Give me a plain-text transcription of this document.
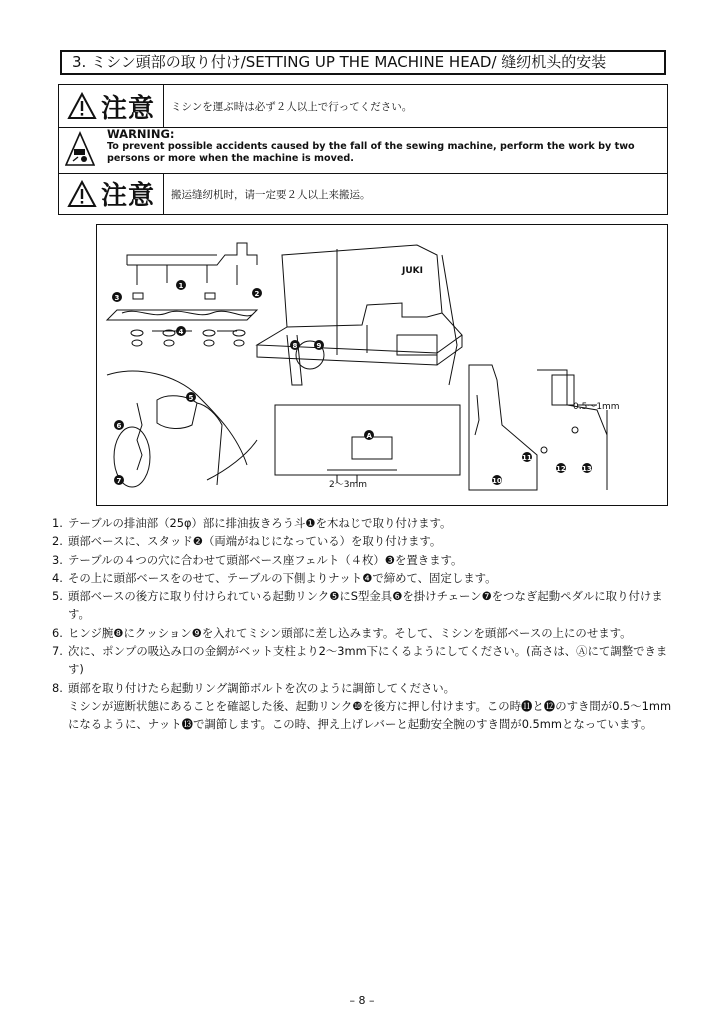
3. ミシン頭部の取り付け/SETTING UP THE MACHINE HEAD/ 缝纫机头的安装
注意 ミシンを運ぶ時は必ず２人以上で行ってください。
WARNING:
To prevent possible accidents caused by the fall of the sewing machine, perform the work by two persons or more when the machine is moved.
注意 搬运缝纫机时，请一定要２人以上来搬运。
1
2
3
4
5
6
7
8	9
A
10
11
12 13
JUKI
2～3mm
0.5～1mm
1. テーブルの排油部（25φ）部に排油抜きろう斗❶を木ねじで取り付けます。
2. 頭部ベースに、スタッド❷（両端がねじになっている）を取り付けます。
3. テーブルの４つの穴に合わせて頭部ベース座フェルト（４枚）❸を置きます。
4. その上に頭部ベースをのせて、テーブルの下側よりナット❹で締めて、固定します。
5. 頭部ベースの後方に取り付けられている起動リンク❺にS型金具❻を掛けチェーン❼をつなぎ起動ペダルに取り付けます。
6. ヒンジ腕❽にクッション❾を入れてミシン頭部に差し込みます。そして、ミシンを頭部ベースの上にのせます。
7. 次に、ポンプの吸込み口の金網がベット支柱より2～3mm下にくるようにしてください。(高さは、Ⓐにて調整できます)
8. 頭部を取り付けたら起動リング調節ボルトを次のように調節してください。
ミシンが遮断状態にあることを確認した後、起動リンク❿を後方に押し付けます。この時⓫と⓬のすき間が0.5～1mmになるように、ナット⓭で調節します。この時、押え上げレバーと起動安全腕のすき間が0.5mmとなっています。
– 8 –
